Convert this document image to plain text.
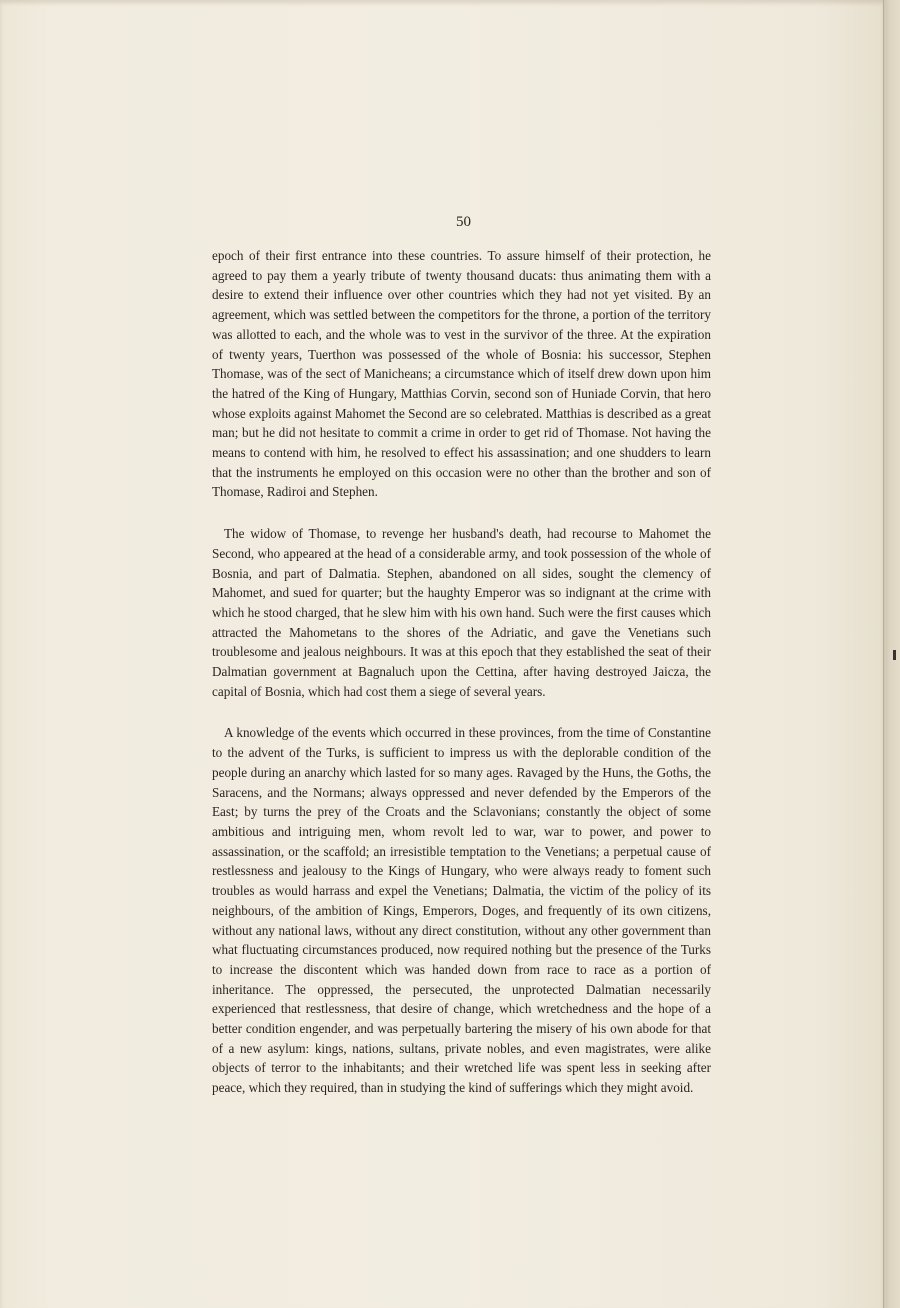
50

epoch of their first entrance into these countries. To assure himself of their protection, he agreed to pay them a yearly tribute of twenty thousand ducats: thus animating them with a desire to extend their influence over other countries which they had not yet visited. By an agreement, which was settled between the competitors for the throne, a portion of the territory was allotted to each, and the whole was to vest in the survivor of the three. At the expiration of twenty years, Tuerthon was possessed of the whole of Bosnia: his successor, Stephen Thomase, was of the sect of Manicheans; a circumstance which of itself drew down upon him the hatred of the King of Hungary, Matthias Corvin, second son of Huniade Corvin, that hero whose exploits against Mahomet the Second are so celebrated. Matthias is described as a great man; but he did not hesitate to commit a crime in order to get rid of Thomase. Not having the means to contend with him, he resolved to effect his assassination; and one shudders to learn that the instruments he employed on this occasion were no other than the brother and son of Thomase, Radiroi and Stephen.

The widow of Thomase, to revenge her husband's death, had recourse to Mahomet the Second, who appeared at the head of a considerable army, and took possession of the whole of Bosnia, and part of Dalmatia. Stephen, abandoned on all sides, sought the clemency of Mahomet, and sued for quarter; but the haughty Emperor was so indignant at the crime with which he stood charged, that he slew him with his own hand. Such were the first causes which attracted the Mahometans to the shores of the Adriatic, and gave the Venetians such troublesome and jealous neighbours. It was at this epoch that they established the seat of their Dalmatian government at Bagnaluch upon the Cettina, after having destroyed Jaicza, the capital of Bosnia, which had cost them a siege of several years.

A knowledge of the events which occurred in these provinces, from the time of Constantine to the advent of the Turks, is sufficient to impress us with the deplorable condition of the people during an anarchy which lasted for so many ages. Ravaged by the Huns, the Goths, the Saracens, and the Normans; always oppressed and never defended by the Emperors of the East; by turns the prey of the Croats and the Sclavonians; constantly the object of some ambitious and intriguing men, whom revolt led to war, war to power, and power to assassination, or the scaffold; an irresistible temptation to the Venetians; a perpetual cause of restlessness and jealousy to the Kings of Hungary, who were always ready to foment such troubles as would harrass and expel the Venetians; Dalmatia, the victim of the policy of its neighbours, of the ambition of Kings, Emperors, Doges, and frequently of its own citizens, without any national laws, without any direct constitution, without any other government than what fluctuating circumstances produced, now required nothing but the presence of the Turks to increase the discontent which was handed down from race to race as a portion of inheritance. The oppressed, the persecuted, the unprotected Dalmatian necessarily experienced that restlessness, that desire of change, which wretchedness and the hope of a better condition engender, and was perpetually bartering the misery of his own abode for that of a new asylum: kings, nations, sultans, private nobles, and even magistrates, were alike objects of terror to the inhabitants; and their wretched life was spent less in seeking after peace, which they required, than in studying the kind of sufferings which they might avoid.
